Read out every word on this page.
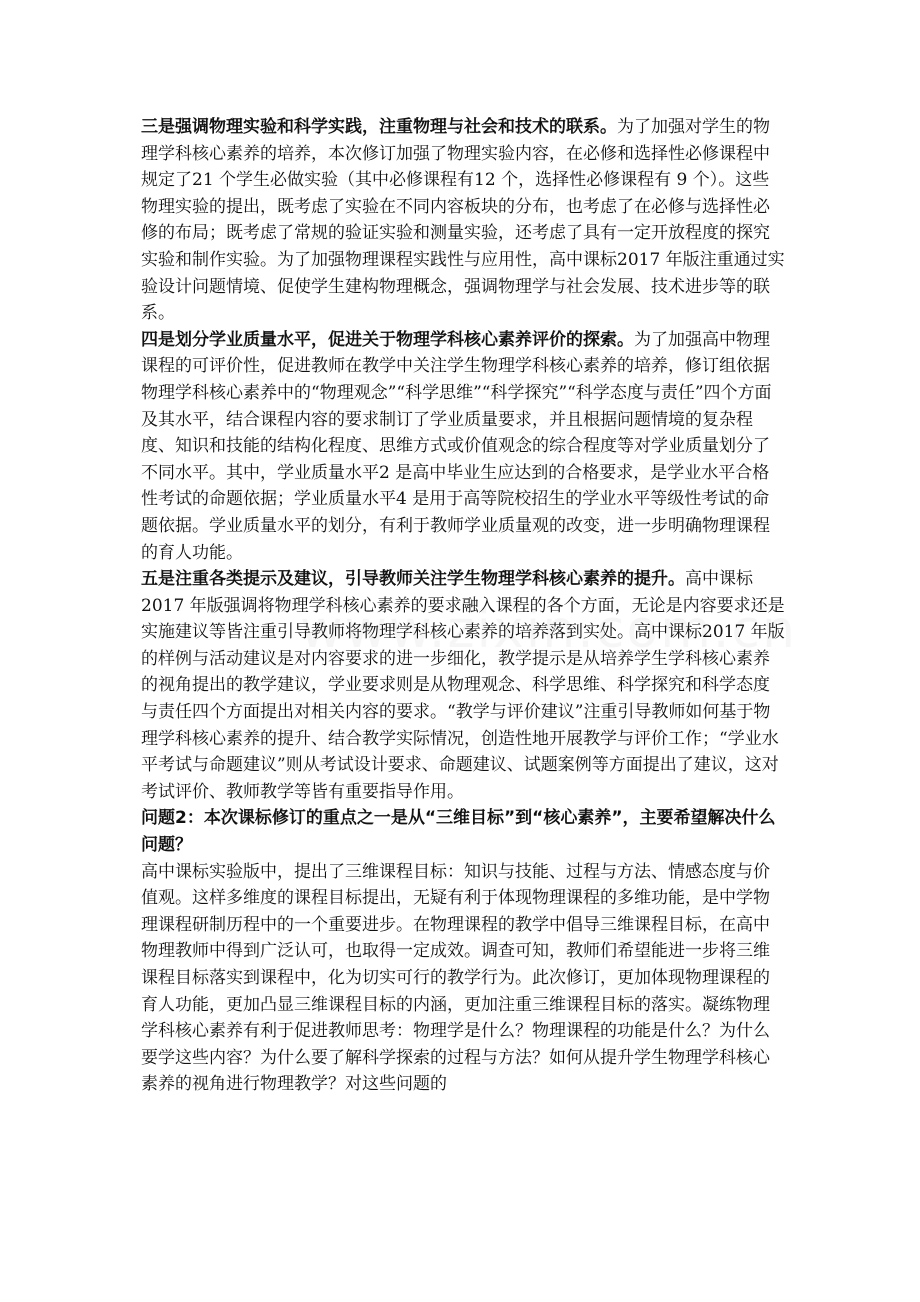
三是强调物理实验和科学实践，注重物理与社会和技术的联系。为了加强对学生的物理学科核心素养的培养，本次修订加强了物理实验内容，在必修和选择性必修课程中规定了21 个学生必做实验（其中必修课程有12 个，选择性必修课程有 9 个）。这些物理实验的提出，既考虑了实验在不同内容板块的分布，也考虑了在必修与选择性必修的布局；既考虑了常规的验证实验和测量实验，还考虑了具有一定开放程度的探究实验和制作实验。为了加强物理课程实践性与应用性，高中课标2017 年版注重通过实验设计问题情境、促使学生建构物理概念，强调物理学与社会发展、技术进步等的联系。

四是划分学业质量水平，促进关于物理学科核心素养评价的探索。为了加强高中物理课程的可评价性，促进教师在教学中关注学生物理学科核心素养的培养，修订组依据物理学科核心素养中的“物理观念”“科学思维”“科学探究”“科学态度与责任”四个方面及其水平，结合课程内容的要求制订了学业质量要求，并且根据问题情境的复杂程度、知识和技能的结构化程度、思维方式或价值观念的综合程度等对学业质量划分了不同水平。其中，学业质量水平2 是高中毕业生应达到的合格要求，是学业水平合格性考试的命题依据；学业质量水平4 是用于高等院校招生的学业水平等级性考试的命题依据。学业质量水平的划分，有利于教师学业质量观的改变，进一步明确物理课程的育人功能。

五是注重各类提示及建议，引导教师关注学生物理学科核心素养的提升。高中课标2017 年版强调将物理学科核心素养的要求融入课程的各个方面，无论是内容要求还是实施建议等皆注重引导教师将物理学科核心素养的培养落到实处。高中课标2017 年版的样例与活动建议是对内容要求的进一步细化，教学提示是从培养学生学科核心素养的视角提出的教学建议，学业要求则是从物理观念、科学思维、科学探究和科学态度与责任四个方面提出对相关内容的要求。“教学与评价建议”注重引导教师如何基于物理学科核心素养的提升、结合教学实际情况，创造性地开展教学与评价工作；“学业水平考试与命题建议”则从考试设计要求、命题建议、试题案例等方面提出了建议，这对考试评价、教师教学等皆有重要指导作用。

问题2：本次课标修订的重点之一是从“三维目标”到“核心素养”，主要希望解决什么问题？

高中课标实验版中，提出了三维课程目标：知识与技能、过程与方法、情感态度与价值观。这样多维度的课程目标提出，无疑有利于体现物理课程的多维功能，是中学物理课程研制历程中的一个重要进步。在物理课程的教学中倡导三维课程目标，在高中物理教师中得到广泛认可，也取得一定成效。调查可知，教师们希望能进一步将三维课程目标落实到课程中，化为切实可行的教学行为。此次修订，更加体现物理课程的育人功能，更加凸显三维课程目标的内涵，更加注重三维课程目标的落实。凝练物理学科核心素养有利于促进教师思考：物理学是什么？物理课程的功能是什么？为什么要学这些内容？为什么要了解科学探索的过程与方法？如何从提升学生物理学科核心素养的视角进行物理教学？对这些问题的
